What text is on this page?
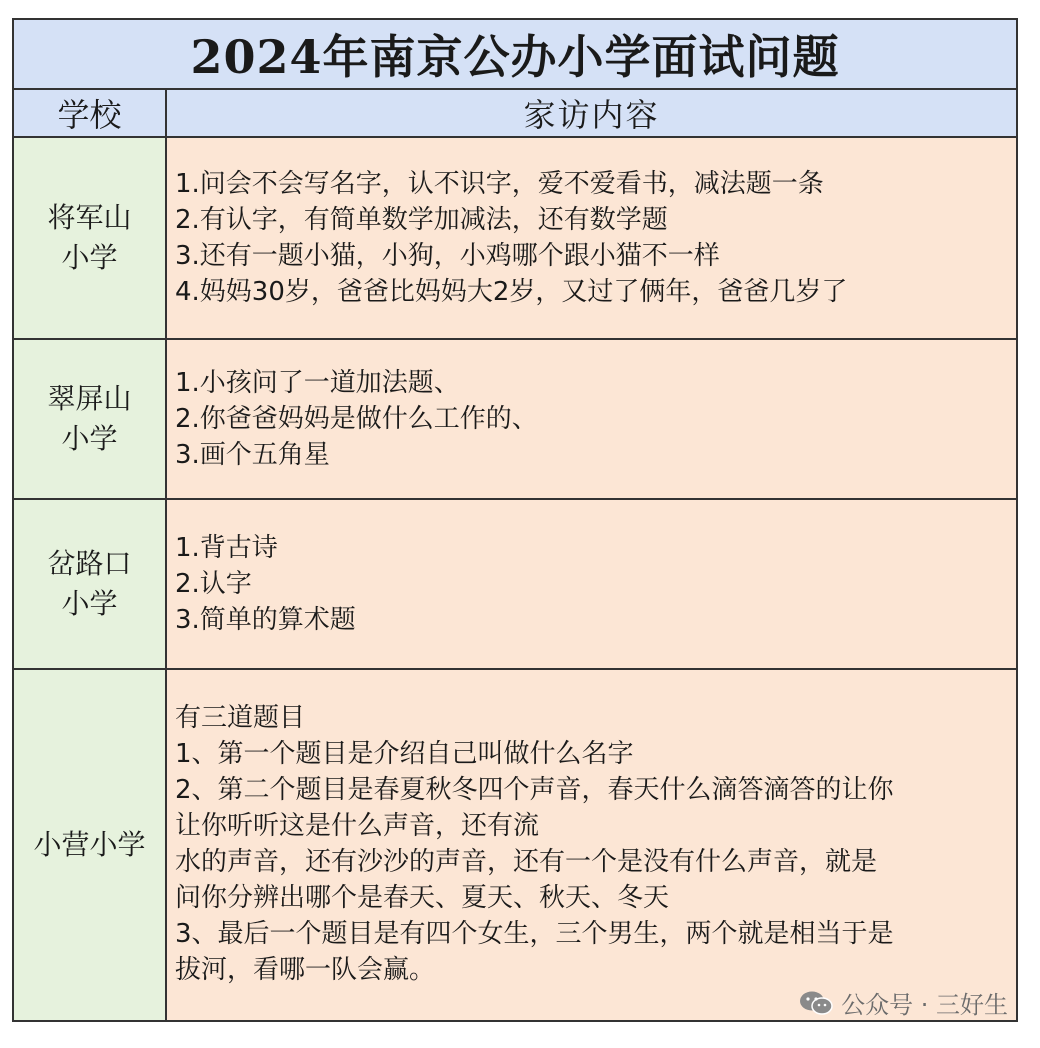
2024年南京公办小学面试问题
学校	家访内容
将军山
小学
1.问会不会写名字，认不识字，爱不爱看书，减法题一条
2.有认字，有简单数学加减法，还有数学题
3.还有一题小猫，小狗，小鸡哪个跟小猫不一样
4.妈妈30岁，爸爸比妈妈大2岁，又过了俩年，爸爸几岁了
翠屏山
小学
1.小孩问了一道加法题、
2.你爸爸妈妈是做什么工作的、
3.画个五角星
岔路口
小学
1.背古诗
2.认字
3.简单的算术题
小营小学
有三道题目
1、第一个题目是介绍自己叫做什么名字
2、第二个题目是春夏秋冬四个声音，春天什么滴答滴答的让你
让你听听这是什么声音，还有流
水的声音，还有沙沙的声音，还有一个是没有什么声音，就是
问你分辨出哪个是春天、夏天、秋天、冬天
3、最后一个题目是有四个女生，三个男生，两个就是相当于是
拔河，看哪一队会赢。
公众号 · 三好生
